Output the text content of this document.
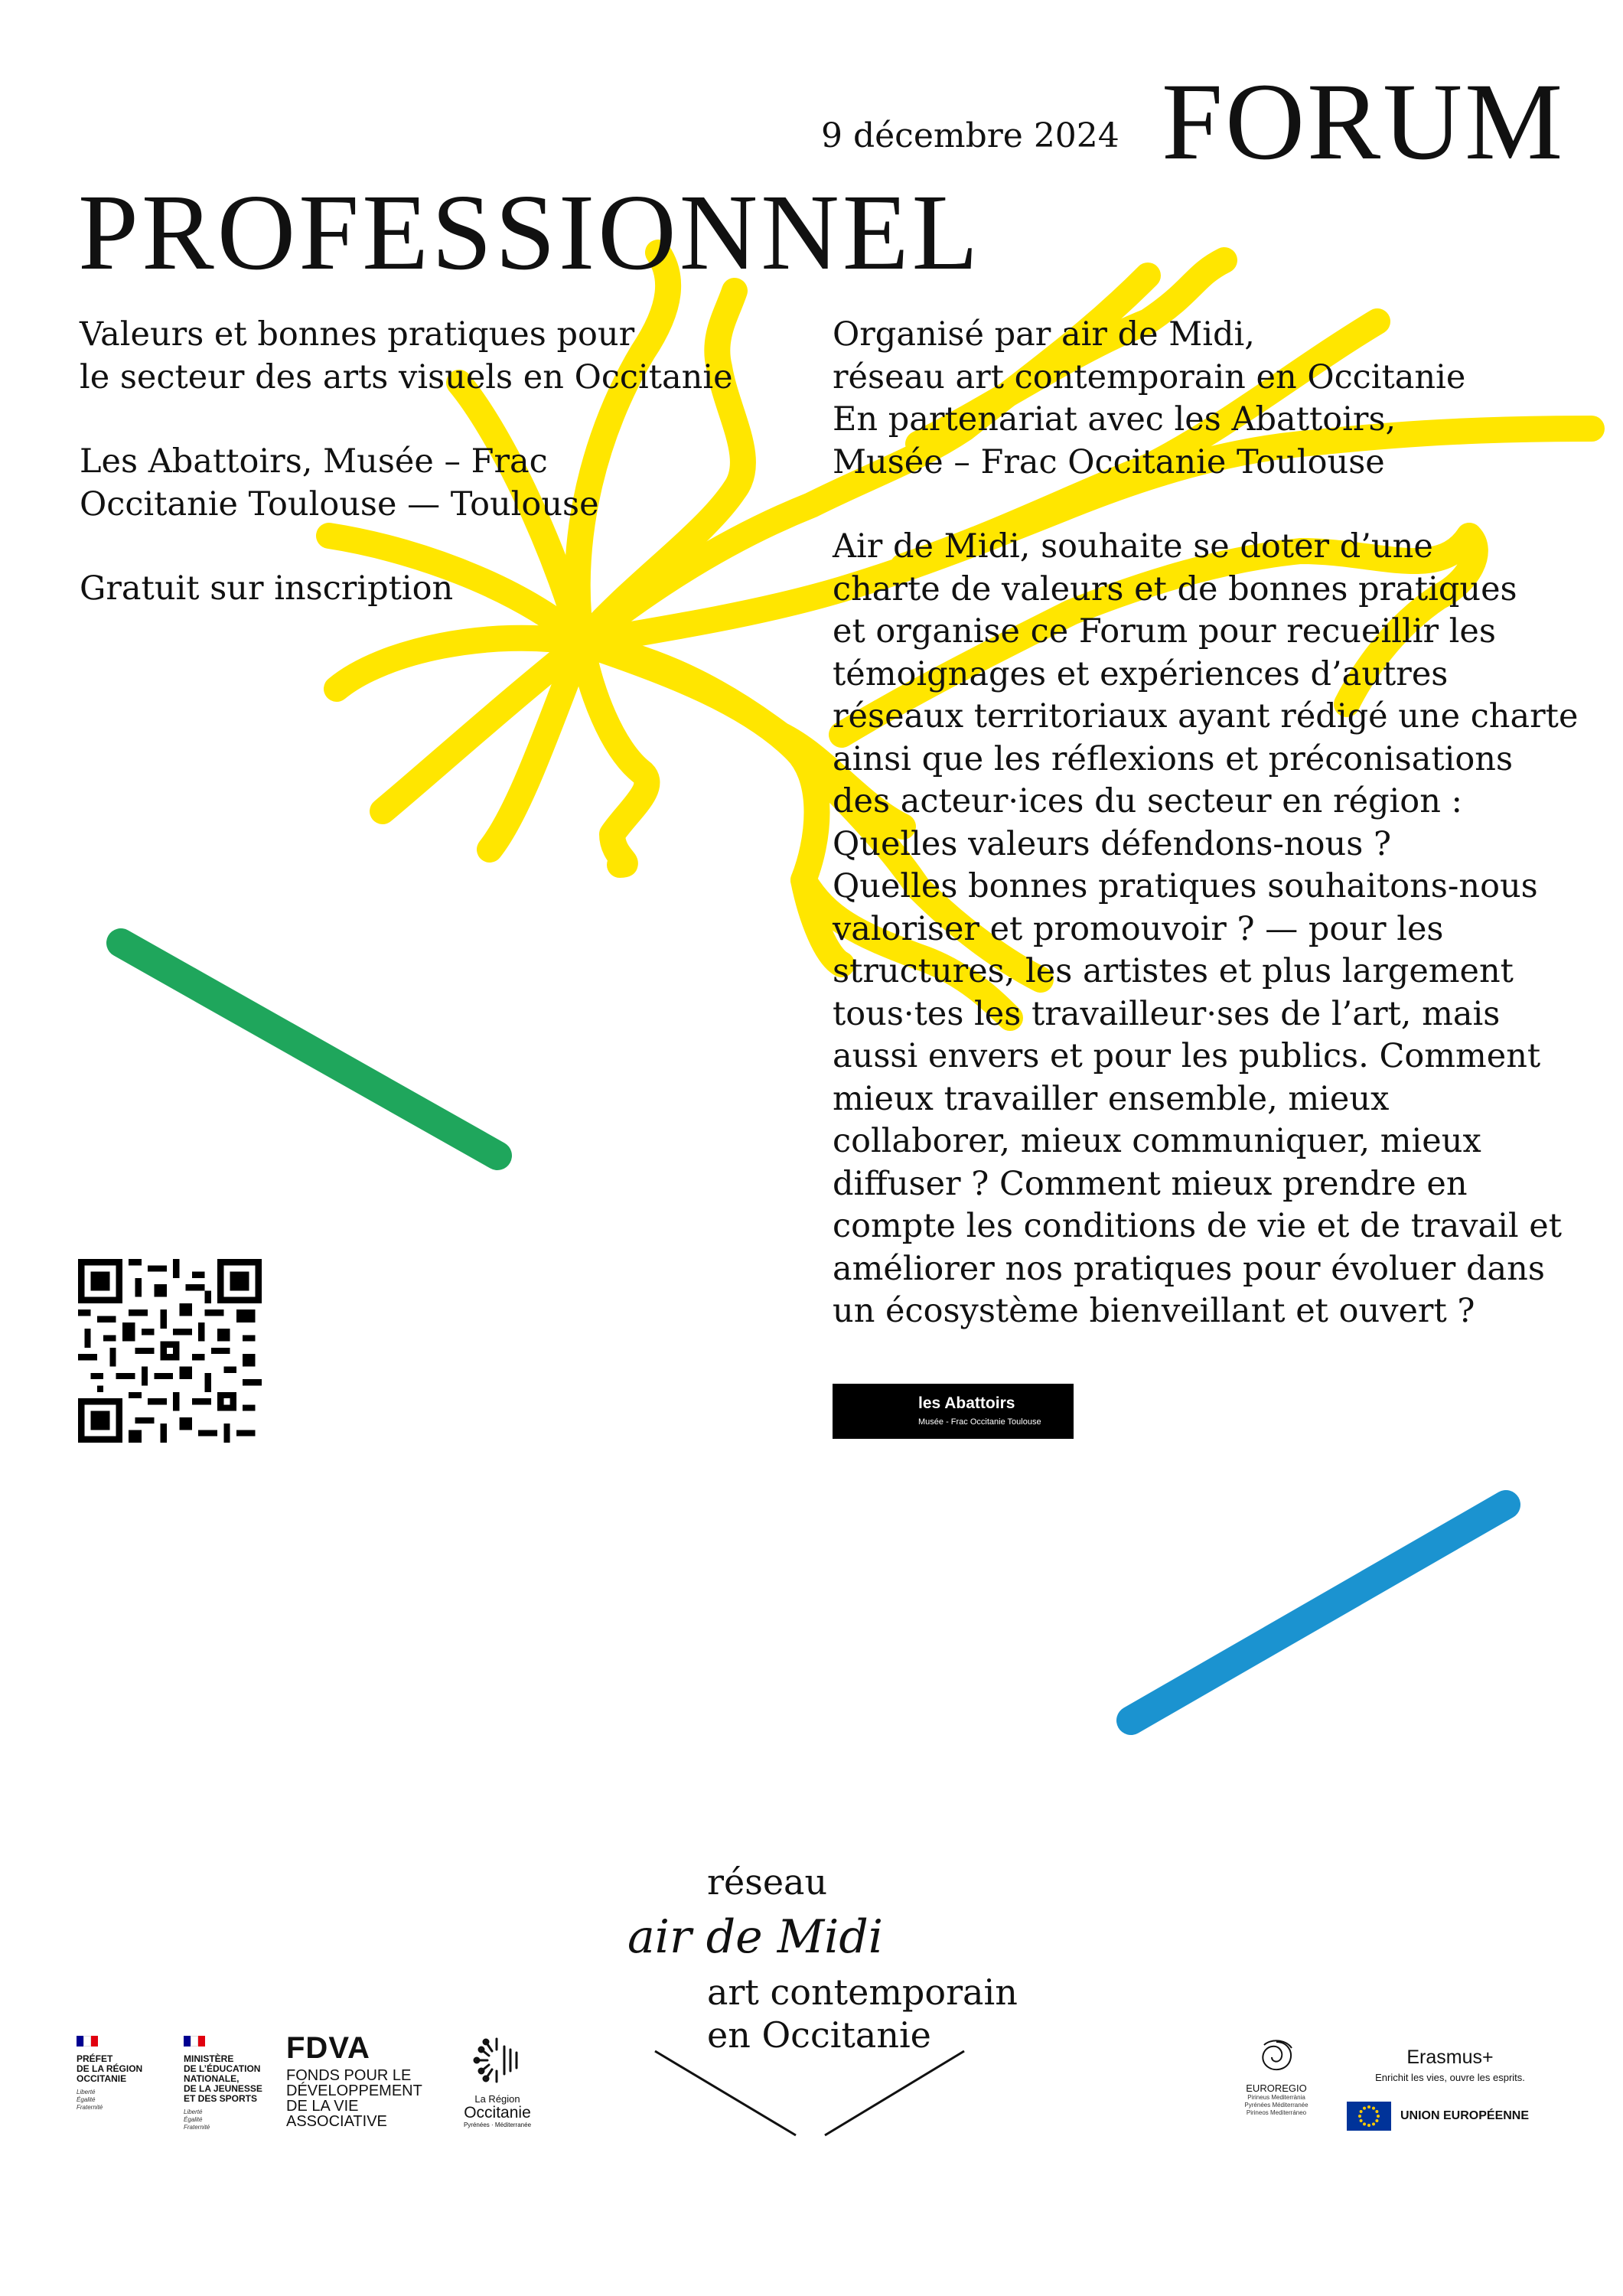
9 décembre 2024 FORUM
PROFESSIONNEL
Valeurs et bonnes pratiques pour
le secteur des arts visuels en Occitanie
Les Abattoirs, Musée – Frac
Occitanie Toulouse — Toulouse
Gratuit sur inscription
Organisé par air de Midi,
réseau art contemporain en Occitanie
En partenariat avec les Abattoirs,
Musée – Frac Occitanie Toulouse
Air de Midi, souhaite se doter d’une
charte de valeurs et de bonnes pratiques
et organise ce Forum pour recueillir les
témoignages et expériences d’autres
réseaux territoriaux ayant rédigé une charte
ainsi que les réflexions et préconisations
des acteur·ices du secteur en région :
Quelles valeurs défendons-nous ?
Quelles bonnes pratiques souhaitons-nous
valoriser et promouvoir ? — pour les
structures, les artistes et plus largement
tous·tes les travailleur·ses de l’art, mais
aussi envers et pour les publics. Comment
mieux travailler ensemble, mieux
collaborer, mieux communiquer, mieux
diffuser ? Comment mieux prendre en
compte les conditions de vie et de travail et
améliorer nos pratiques pour évoluer dans
un écosystème bienveillant et ouvert ?
les Abattoirs
Musée - Frac Occitanie Toulouse
réseau
air de Midi
art contemporain
en Occitanie
PRÉFET
DE LA RÉGION
OCCITANIE
Liberté
Égalité
Fraternité
MINISTÈRE
DE L’ÉDUCATION
NATIONALE,
DE LA JEUNESSE
ET DES SPORTS
Liberté
Égalité
Fraternité
FDVA
FONDS POUR LE
DÉVELOPPEMENT
DE LA VIE
ASSOCIATIVE
La Région
Occitanie
Pyrénées · Méditerranée
EUROREGIO
Pirineus Mediterrània
Pyrénées Méditerranée
Pirineos Mediterráneo
Erasmus+
Enrichit les vies, ouvre les esprits.
UNION EUROPÉENNE
